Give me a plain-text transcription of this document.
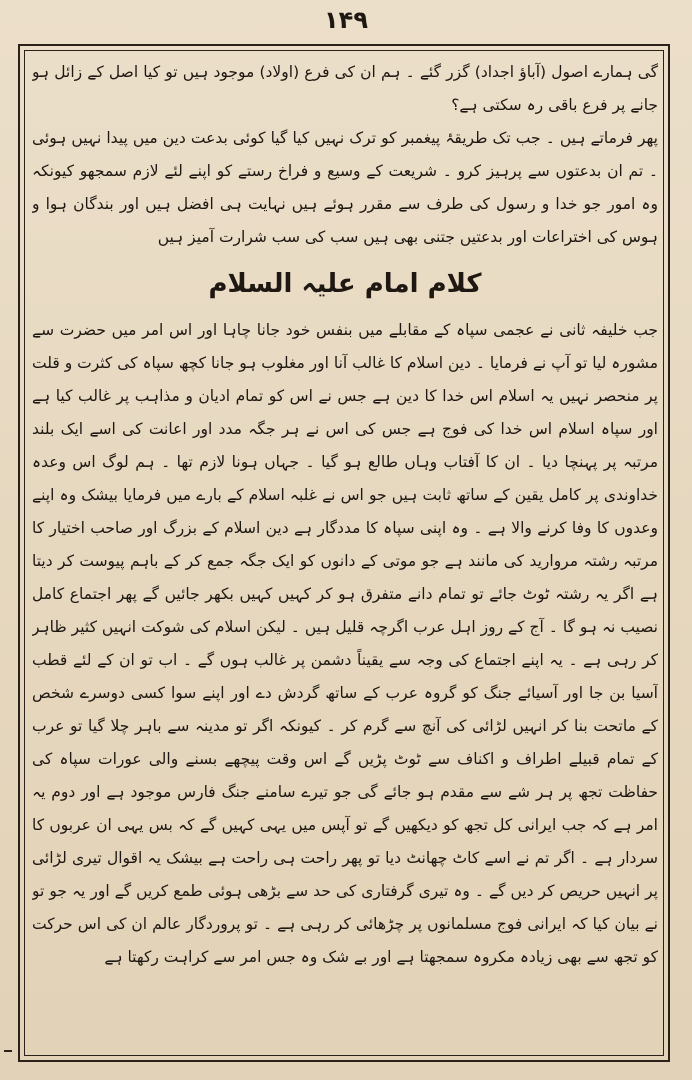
۱۴۹

گی ہمارے اصول (آباؤ اجداد) گزر گئے ۔ ہم ان کی فرع (اولاد) موجود ہیں تو کیا اصل کے زائل ہو جانے پر فرع باقی رہ سکتی ہے؟

پھر فرماتے ہیں ۔ جب تک طریقۂ پیغمبر کو ترک نہیں کیا گیا کوئی بدعت دین میں پیدا نہیں ہوئی ۔ تم ان بدعتوں سے پرہیز کرو ۔ شریعت کے وسیع و فراخ رستے کو اپنے لئے لازم سمجھو کیونکہ وہ امور جو خدا و رسول کی طرف سے مقرر ہوئے ہیں نہایت ہی افضل ہیں اور بندگان ہوا و ہوس کی اختراعات اور بدعتیں جتنی بھی ہیں سب کی سب شرارت آمیز ہیں

کلام امام علیہ السلام

جب خلیفہ ثانی نے عجمی سپاہ کے مقابلے میں بنفس خود جانا چاہا اور اس امر میں حضرت سے مشورہ لیا تو آپ نے فرمایا ۔ دین اسلام کا غالب آنا اور مغلوب ہو جانا کچھ سپاہ کی کثرت و قلت پر منحصر نہیں یہ اسلام اس خدا کا دین ہے جس نے اس کو تمام ادیان و مذاہب پر غالب کیا ہے اور سپاہ اسلام اس خدا کی فوج ہے جس کی اس نے ہر جگہ مدد اور اعانت کی اسے ایک بلند مرتبہ پر پہنچا دیا ۔ ان کا آفتاب وہاں طالع ہو گیا ۔ جہاں ہونا لازم تھا ۔ ہم لوگ اس وعدہ خداوندی پر کامل یقین کے ساتھ ثابت ہیں جو اس نے غلبہ اسلام کے بارے میں فرمایا بیشک وہ اپنے وعدوں کا وفا کرنے والا ہے ۔ وہ اپنی سپاہ کا مددگار ہے دین اسلام کے بزرگ اور صاحب اختیار کا مرتبہ رشتہ مروارید کی مانند ہے جو موتی کے دانوں کو ایک جگہ جمع کر کے باہم پیوست کر دیتا ہے اگر یہ رشتہ ٹوٹ جائے تو تمام دانے متفرق ہو کر کہیں کہیں بکھر جائیں گے پھر اجتماع کامل نصیب نہ ہو گا ۔ آج کے روز اہل عرب اگرچہ قلیل ہیں ۔ لیکن اسلام کی شوکت انہیں کثیر ظاہر کر رہی ہے ۔ یہ اپنے اجتماع کی وجہ سے یقیناً دشمن پر غالب ہوں گے ۔ اب تو ان کے لئے قطب آسیا بن جا اور آسیائے جنگ کو گروہ عرب کے ساتھ گردش دے اور اپنے سوا کسی دوسرے شخص کے ماتحت بنا کر انہیں لڑائی کی آنچ سے گرم کر ۔ کیونکہ اگر تو مدینہ سے باہر چلا گیا تو عرب کے تمام قبیلے اطراف و اکناف سے ٹوٹ پڑیں گے اس وقت پیچھے بسنے والی عورات سپاہ کی حفاظت تجھ پر ہر شے سے مقدم ہو جائے گی جو تیرے سامنے جنگ فارس موجود ہے اور دوم یہ امر ہے کہ جب ایرانی کل تجھ کو دیکھیں گے تو آپس میں یہی کہیں گے کہ بس یہی ان عربوں کا سردار ہے ۔ اگر تم نے اسے کاٹ چھانٹ دیا تو پھر راحت ہی راحت ہے بیشک یہ اقوال تیری لڑائی پر انہیں حریص کر دیں گے ۔ وہ تیری گرفتاری کی حد سے بڑھی ہوئی طمع کریں گے اور یہ جو تو نے بیان کیا کہ ایرانی فوج مسلمانوں پر چڑھائی کر رہی ہے ۔ تو پروردگار عالم ان کی اس حرکت کو تجھ سے بھی زیادہ مکروہ سمجھتا ہے اور بے شک وہ جس امر سے کراہت رکھتا ہے
